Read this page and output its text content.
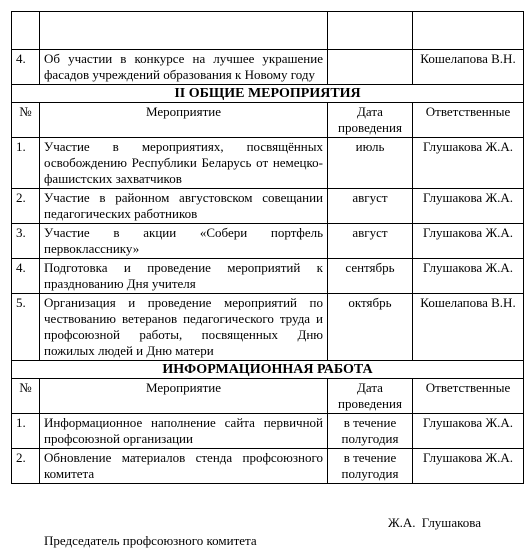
4.	Об участии в конкурсе на лучшее украшение фасадов учреждений образования к Новому году		Кошелапова В.Н.
II ОБЩИЕ МЕРОПРИЯТИЯ			
№	Мероприятие	Дата проведения	Ответственные
1.	Участие в мероприятиях, посвящённых освобождению Республики Беларусь от немецко-фашистских захватчиков	июль	Глушакова Ж.А.
2.	Участие в районном августовском совещании педагогических работников	август	Глушакова Ж.А.
3.	Участие в акции «Собери портфель первокласснику»	август	Глушакова Ж.А.
4.	Подготовка и проведение мероприятий к празднованию Дня учителя	сентябрь	Глушакова Ж.А.
5.	Организация и проведение мероприятий по чествованию ветеранов педагогического труда и профсоюзной работы, посвященных Дню пожилых людей и Дню матери	октябрь	Кошелапова В.Н.
ИНФОРМАЦИОННАЯ РАБОТА			
№	Мероприятие	Дата проведения	Ответственные
1.	Информационное наполнение сайта первичной профсоюзной организации	в течение полугодия	Глушакова Ж.А.
2.	Обновление материалов стенда профсоюзного комитета	в течение полугодия	Глушакова Ж.А.
Ж.А. Глушакова
Председатель профсоюзного комитета
